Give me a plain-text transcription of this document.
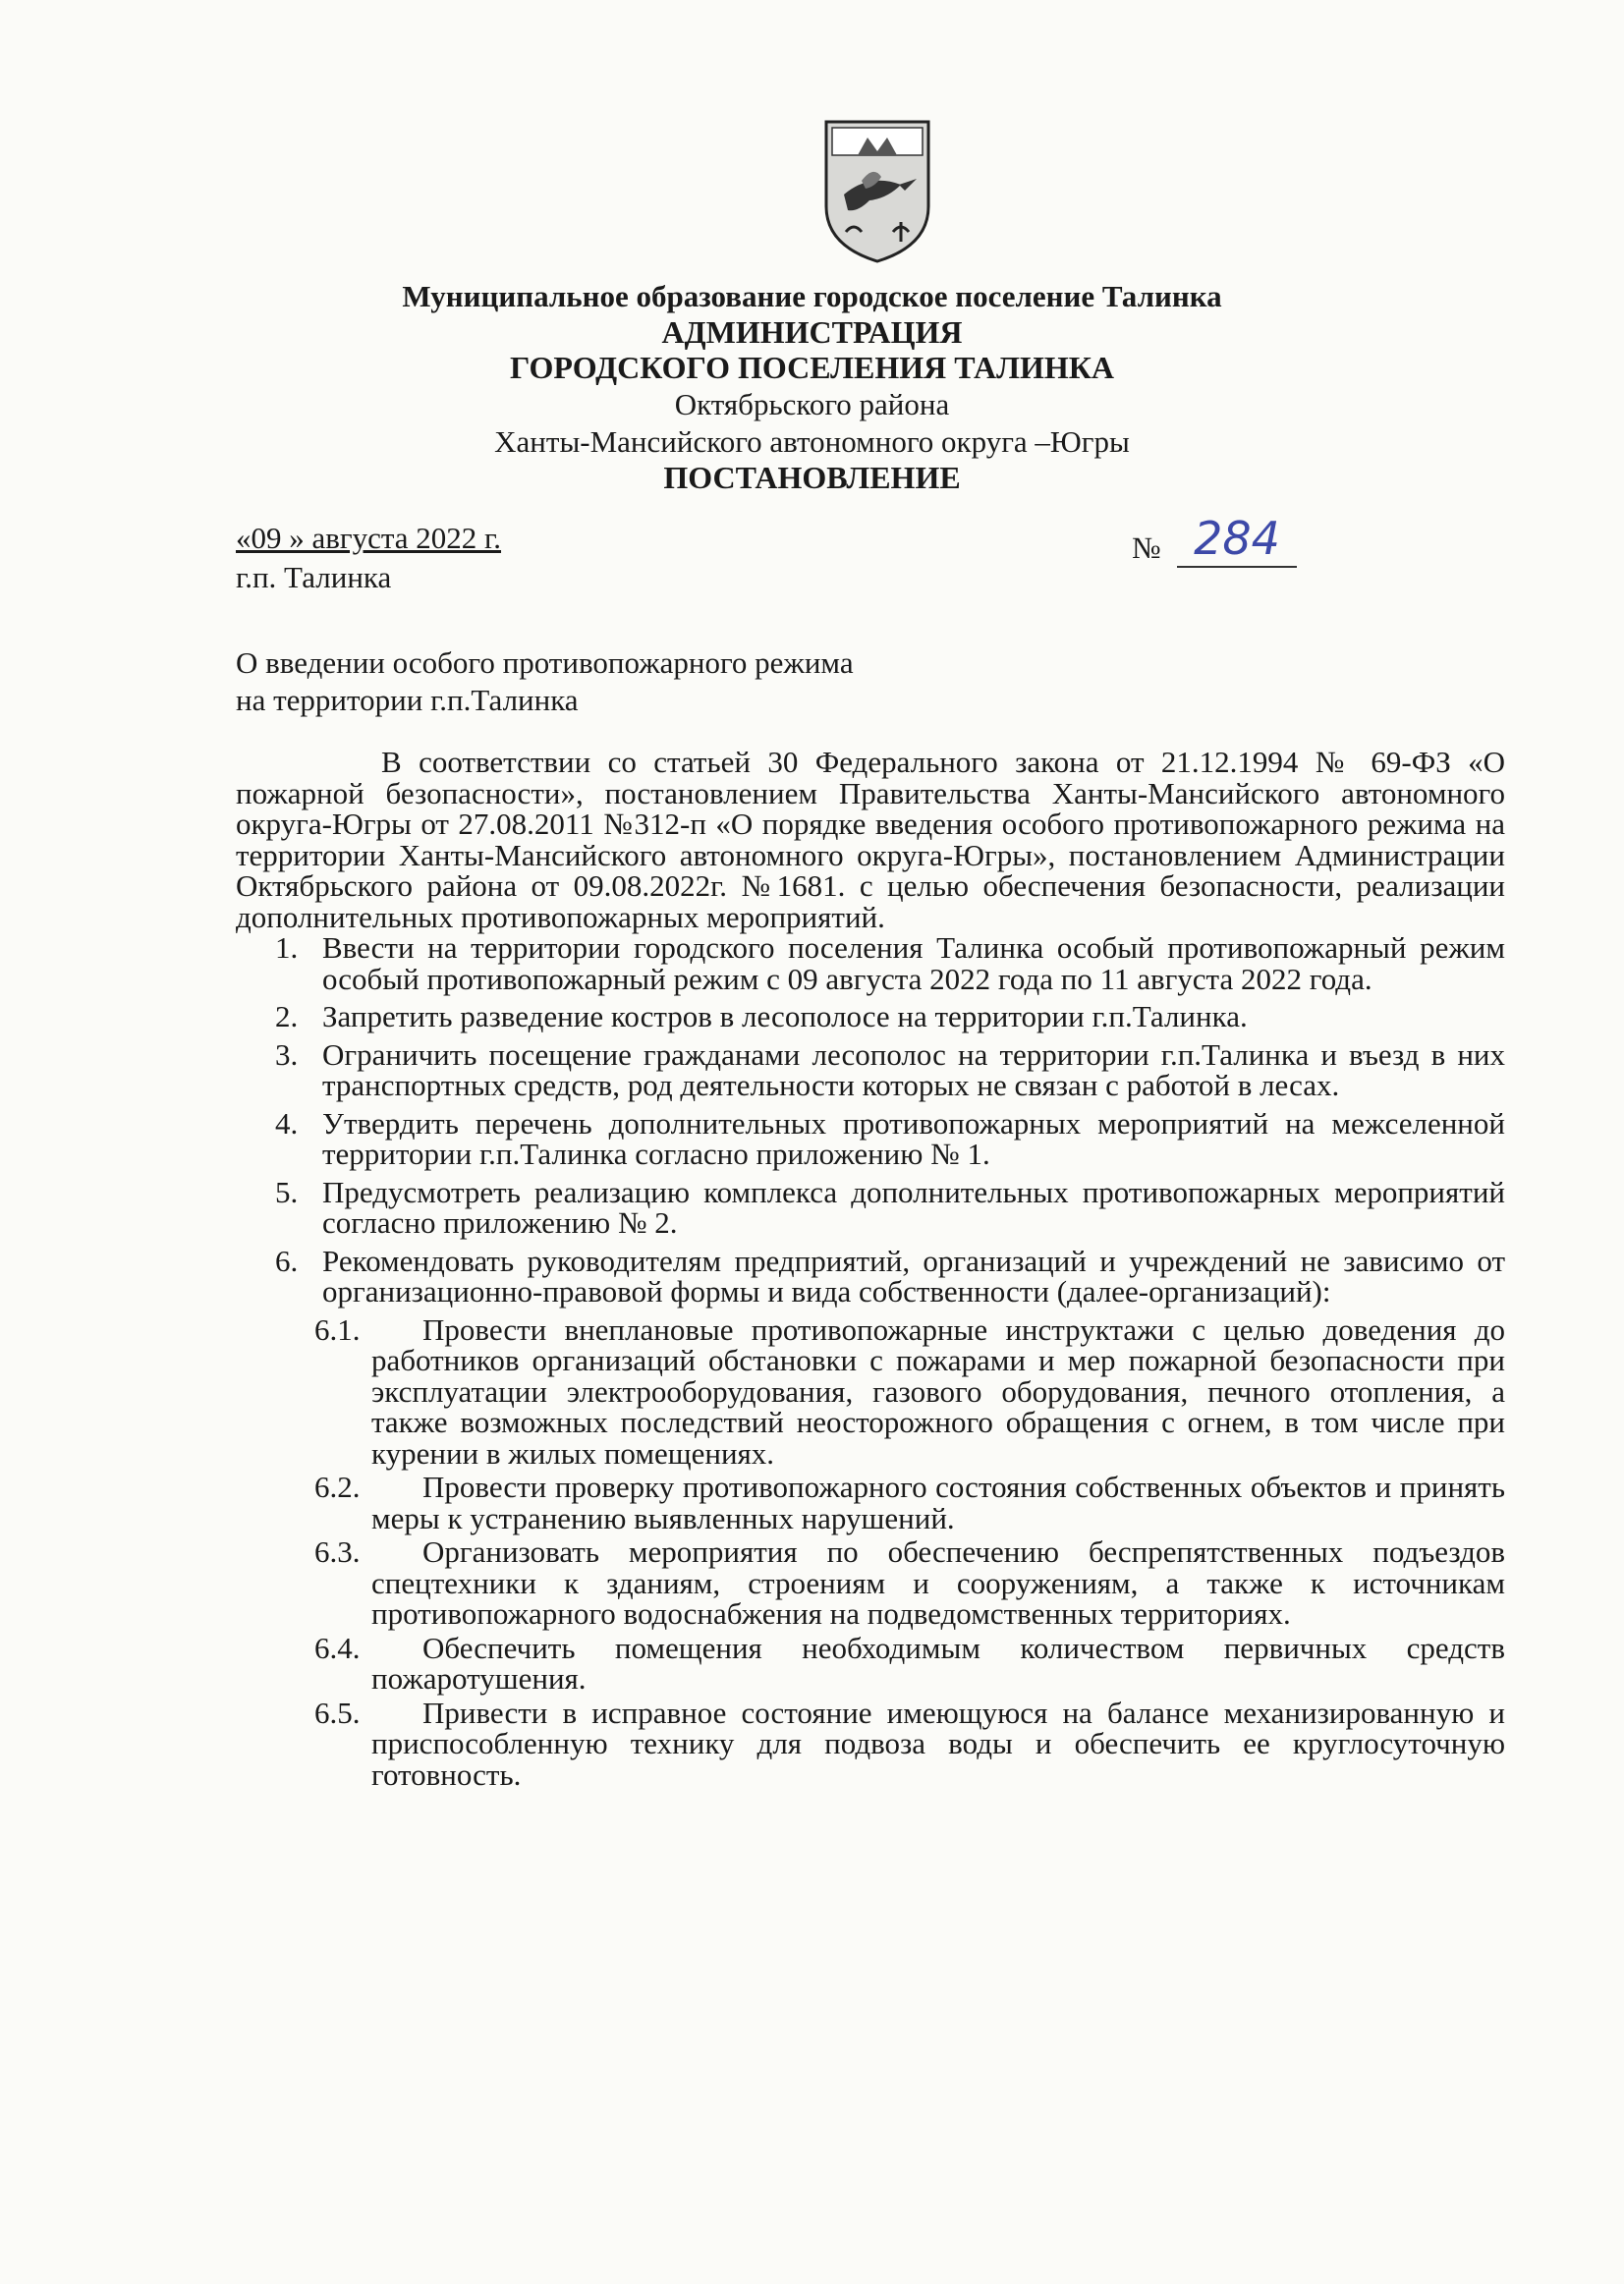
Муниципальное образование городское поселение Талинка
АДМИНИСТРАЦИЯ
ГОРОДСКОГО ПОСЕЛЕНИЯ ТАЛИНКА
Октябрьского района
Ханты-Мансийского автономного округа –Югры
ПОСТАНОВЛЕНИЕ
«09 » августа 2022 г.
г.п. Талинка
№ 284
О введении особого противопожарного режима
на территории г.п.Талинка

В соответствии со статьей 30 Федерального закона от 21.12.1994 № 69-ФЗ «О пожарной безопасности», постановлением Правительства Ханты-Мансийского автономного округа-Югры от 27.08.2011 №312-п «О порядке введения особого противопожарного режима на территории Ханты-Мансийского автономного округа-Югры», постановлением Администрации Октябрьского района от 09.08.2022г. №1681. с целью обеспечения безопасности, реализации дополнительных противопожарных мероприятий.

1. Ввести на территории городского поселения Талинка особый противопожарный режим особый противопожарный режим с 09 августа 2022 года по 11 августа 2022 года.
2. Запретить разведение костров в лесополосе на территории г.п.Талинка.
3. Ограничить посещение гражданами лесополос на территории г.п.Талинка и въезд в них транспортных средств, род деятельности которых не связан с работой в лесах.
4. Утвердить перечень дополнительных противопожарных мероприятий на межселенной территории г.п.Талинка согласно приложению № 1.
5. Предусмотреть реализацию комплекса дополнительных противопожарных мероприятий согласно приложению № 2.
6. Рекомендовать руководителям предприятий, организаций и учреждений не зависимо от организационно-правовой формы и вида собственности (далее-организаций):
6.1.	Провести внеплановые противопожарные инструктажи с целью доведения до работников организаций обстановки с пожарами и мер пожарной безопасности при эксплуатации электрооборудования, газового оборудования, печного отопления, а также возможных последствий неосторожного обращения с огнем, в том числе при курении в жилых помещениях.
6.2.	Провести проверку противопожарного состояния собственных объектов и принять меры к устранению выявленных нарушений.
6.3.	Организовать мероприятия по обеспечению беспрепятственных подъездов спецтехники к зданиям, строениям и сооружениям, а также к источникам противопожарного водоснабжения на подведомственных территориях.
6.4.	Обеспечить помещения необходимым количеством первичных средств пожаротушения.
6.5.	Привести в исправное состояние имеющуюся на балансе механизированную и приспособленную технику для подвоза воды и обеспечить ее круглосуточную готовность.
